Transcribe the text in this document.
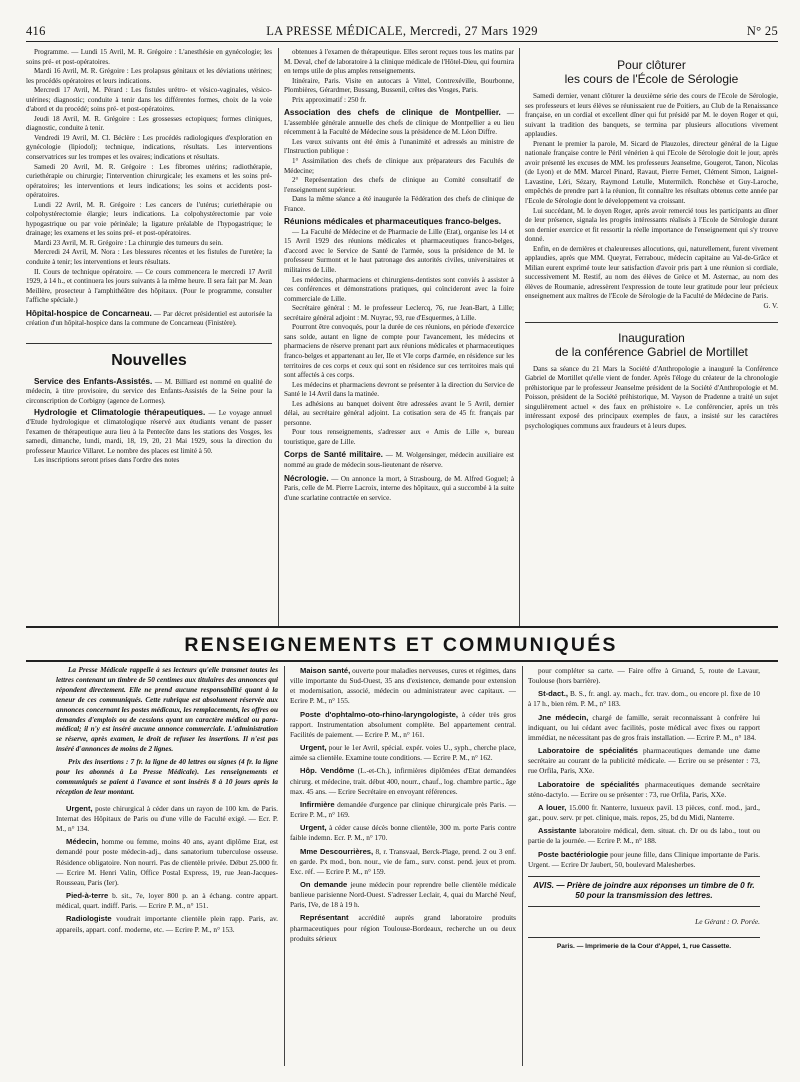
416	LA PRESSE MÉDICALE, Mercredi, 27 Mars 1929	N° 25

Programme. — Lundi 15 Avril, M. R. Grégoire : L'anesthésie en gynécologie; les soins pré- et post-opératoires.

Mardi 16 Avril, M. R. Grégoire : Les prolapsus génitaux et les déviations utérines; les procédés opératoires et leurs indications.

Mercredi 17 Avril, M. Pérard : Les fistules urétro- et vésico-vaginales, vésico-utérines; diagnostic; conduite à tenir dans les différentes formes, choix de la voie d'abord et du procédé; soins pré- et post-opératoires.

Jeudi 18 Avril, M. R. Grégoire : Les grossesses ectopiques; formes cliniques, diagnostic, conduite à tenir.

Vendredi 19 Avril, M. Cl. Béclère : Les procédés radiologiques d'exploration en gynécologie (lipiodol); technique, indications, résultats. Les interventions conservatrices sur les trompes et les ovaires; indications et résultats.

Samedi 20 Avril, M. R. Grégoire : Les fibromes utérins; radiothérapie, curiethérapie ou chirurgie; l'intervention chirurgicale; les examens et les soins pré-opératoires; les interventions et leurs indications; les soins et accidents post-opératoires.

Lundi 22 Avril, M. R. Grégoire : Les cancers de l'utérus; curiethérapie ou colpohystérectomie élargie; leurs indications. La colpohystérectomie par voie hypogastrique ou par voie périnéale; la ligature préalable de l'hypogastrique; le drainage; les examens et les soins pré- et post-opératoires.

Mardi 23 Avril, M. R. Grégoire : La chirurgie des tumeurs du sein.

Mercredi 24 Avril, M. Nora : Les blessures récentes et les fistules de l'uretère; la conduite à tenir; les interventions et leurs résultats.

II. Cours de technique opératoire. — Ce cours commencera le mercredi 17 Avril 1929, à 14 h., et continuera les jours suivants à la même heure. Il sera fait par M. Jean Meillère, prosecteur à l'amphithéâtre des hôpitaux. (Pour le programme, consulter l'affiche spéciale.)

Hôpital-hospice de Concarneau. — Par décret présidentiel est autorisée la création d'un hôpital-hospice dans la commune de Concarneau (Finistère).

Nouvelles

Service des Enfants-Assistés. — M. Billiard est nommé en qualité de médecin, à titre provisoire, du service des Enfants-Assistés de la Seine pour la circonscription de Corbigny (agence de Lormes).

Hydrologie et Climatologie thérapeutiques. — Le voyage annuel d'Etude hydrologique et climatologique réservé aux étudiants venant de passer l'examen de thérapeutique aura lieu à la Pentecôte dans les stations des Vosges, les samedi, dimanche, lundi, mardi, 18, 19, 20, 21 Mai 1929, sous la direction du professeur Maurice Villaret. Le nombre des places est limité à 50.

Les inscriptions seront prises dans l'ordre des notes

obtenues à l'examen de thérapeutique. Elles seront reçues tous les matins par M. Deval, chef de laboratoire à la clinique médicale de l'Hôtel-Dieu, qui fournira en temps utile de plus amples renseignements.

Itinéraire, Paris. Visite en autocars à Vittel, Contrexéville, Bourbonne, Plombières, Gérardmer, Bussang, Bussenil, crêtes des Vosges, Paris.

Prix approximatif : 250 fr.

Association des chefs de clinique de Montpellier. — L'assemblée générale annuelle des chefs de clinique de Montpellier a eu lieu récemment à la Faculté de Médecine sous la présidence de M. Léon Diffre.

Les vœux suivants ont été émis à l'unanimité et adressés au ministre de l'Instruction publique :

1° Assimilation des chefs de clinique aux préparateurs des Facultés de Médecine;

2° Représentation des chefs de clinique au Comité consultatif de l'enseignement supérieur.

Dans la même séance a été inaugurée la Fédération des chefs de clinique de France.

Réunions médicales et pharmaceutiques franco-belges.

— La Faculté de Médecine et de Pharmacie de Lille (Etat), organise les 14 et 15 Avril 1929 des réunions médicales et pharmaceutiques franco-belges, d'accord avec le Service de Santé de l'armée, sous la présidence de M. le professeur Surmont et le haut patronage des autorités civiles, universitaires et militaires de Lille.

Les médecins, pharmaciens et chirurgiens-dentistes sont conviés à assister à ces conférences et démonstrations pratiques, qui coïncideront avec la foire commerciale de Lille.

Secrétaire général : M. le professeur Leclercq, 76, rue Jean-Bart, à Lille; secrétaire général adjoint : M. Nuyrac, 93, rue d'Esquermes, à Lille.

Pourront être convoqués, pour la durée de ces réunions, en période d'exercice sans solde, autant en ligne de compte pour l'avancement, les médecins et pharmaciens de réserve prenant part aux réunions médicales et pharmaceutiques franco-belges et appartenant au Ier, IIe et VIe corps d'armée, en résidence sur les territoires de ces corps et ceux qui sont en résidence sur ces territoires mais qui sont affectés à ces corps.

Les médecins et pharmaciens devront se présenter à la direction du Service de Santé le 14 Avril dans la matinée.

Les adhésions au banquet doivent être adressées avant le 5 Avril, dernier délai, au secrétaire général adjoint. La cotisation sera de 45 fr. français par personne.

Pour tous renseignements, s'adresser aux « Amis de Lille », bureau touristique, gare de Lille.

Corps de Santé militaire. — M. Wolgensinger, médecin auxiliaire est nommé au grade de médecin sous-lieutenant de réserve.

Nécrologie. — On annonce la mort, à Strasbourg, de M. Alfred Goguel; à Paris, celle de M. Pierre Lacroix, interne des hôpitaux, qui a succombé à la suite d'une scarlatine contractée en service.

Pour clôturer
les cours de l'École de Sérologie

Samedi dernier, venant clôturer la deuxième série des cours de l'Ecole de Sérologie, ses professeurs et leurs élèves se réunissaient rue de Poitiers, au Club de la Renaissance française, en un cordial et excellent dîner qui fut présidé par M. le doyen Roger et qui, suivant la tradition des banquets, se termina par plusieurs allocutions vivement applaudies.

Prenant le premier la parole, M. Sicard de Plauzoles, directeur général de la Ligue nationale française contre le Péril vénérien à qui l'Ecole de Sérologie doit le jour, après avoir présenté les excuses de MM. les professeurs Jeanselme, Gougerot, Tanon, Nicolas (de Lyon) et de MM. Marcel Pinard, Ravaut, Pierre Fernet, Clément Simon, Laignel-Lavastine, Léri, Sézary, Raymond Letulle, Mutermilch. Ronchèse et Guy-Laroche, empêchés de prendre part à la réunion, fit connaître les résultats obtenus cette année par l'Ecole de Sérologie dont le développement va croissant.

Lui succédant, M. le doyen Roger, après avoir remercié tous les participants au dîner de leur présence, signala les progrès intéressants réalisés à l'Ecole de Sérologie durant son dernier exercice et fit ressortir la réelle importance de l'enseignement qui s'y trouve donné.

Enfin, en de dernières et chaleureuses allocutions, qui, naturellement, furent vivement applaudies, après que MM. Queyrat, Ferrabouc, médecin capitaine au Val-de-Grâce et Milian eurent exprimé toute leur satisfaction d'avoir pris part à une réunion si cordiale, successivement M. Restif, au nom des élèves de Grèce et M. Asternac, au nom des élèves de Roumanie, adressèrent l'expression de toute leur gratitude pour leur précieux enseignement aux maîtres de l'Ecole de Sérologie de la Faculté de Médecine de Paris.

G. V.

Inauguration
de la conférence Gabriel de Mortillet

Dans sa séance du 21 Mars la Société d'Anthropologie a inauguré la Conférence Gabriel de Mortillet qu'elle vient de fonder. Après l'éloge du créateur de la chronologie préhistorique par le professeur Jeanselme président de la Société d'Anthropologie et M. Poisson, président de la Société préhistorique, M. Vayson de Pradenne a traité un sujet singulièrement actuel « des faux en préhistoire ». Le conférencier, après un très intéressant exposé des principaux exemples de faux, a insisté sur les caractères psychologiques communs aux fraudeurs et à leurs dupes.

RENSEIGNEMENTS ET COMMUNIQUÉS

La Presse Médicale rappelle à ses lecteurs qu'elle transmet toutes les lettres contenant un timbre de 50 centimes aux titulaires des annonces qui répondent directement. Elle ne prend aucune responsabilité quant à la teneur de ces communiqués. Cette rubrique est absolument réservée aux annonces concernant les postes médicaux, les remplacements, les offres ou demandes d'emplois ou de cessions ayant un caractère médical ou para-médical; il n'y est inséré aucune annonce commerciale. L'administration se réserve, après examen, le droit de refuser les insertions. Il n'est pas inséré d'annonces de moins de 2 lignes.

Prix des insertions : 7 fr. la ligne de 40 lettres ou signes (4 fr. la ligne pour les abonnés à La Presse Médicale). Les renseignements et communiqués se paient à l'avance et sont insérés 8 à 10 jours après la réception de leur montant.

Urgent, poste chirurgical à céder dans un rayon de 100 km. de Paris. Internat des Hôpitaux de Paris ou d'une ville de Faculté exigé. — Ecr. P. M., n° 134.

Médecin, homme ou femme, moins 40 ans, ayant diplôme Etat, est demandé pour poste médecin-adj., dans sanatorium tuberculose osseuse. Résidence obligatoire. Non nourri. Pas de clientèle privée. Début 25.000 fr. — Ecrire M. Henri Valin, Office Postal Express, 19, rue Jean-Jacques-Rousseau, Paris (Ier).

Pied-à-terre b. sit., 7e, loyer 800 p. an à échang. contre appart. médical, quart. indiff. Paris. — Ecrire P. M., n° 151.

Radiologiste voudrait importante clientèle plein rapp. Paris, av. appareils, appart. conf. moderne, etc. — Ecrire P. M., n° 153.

Maison santé, ouverte pour maladies nerveuses, cures et régimes, dans ville importante du Sud-Ouest, 35 ans d'existence, demande pour extension et modernisation, associé, médecin ou administrateur avec capitaux. — Ecrire P. M., n° 155.

Poste d'ophtalmo-oto-rhino-laryngologiste, à céder très gros rapport. Instrumentation absolument complète. Bel appartement central. Facilités de paiement. — Ecrire P. M., n° 161.

Urgent, pour le 1er Avril, spécial. expér. voies U., syph., cherche place, aimée sa clientèle. Examine toute conditions. — Ecrire P. M., n° 162.

Hôp. Vendôme (L.-et-Ch.), infirmières diplômées d'Etat demandées chirurg. et médecine, trait. début 400, nourr., chauf., log. chambre partic., âge max. 45 ans. — Ecrire Secrétaire en envoyant références.

Infirmière demandée d'urgence par clinique chirurgicale près Paris. — Ecrire P. M., n° 169.

Urgent, à céder cause décès bonne clientèle, 300 m. porte Paris contre faible indemn. Ecr. P. M., n° 170.

Mme Descourrières, 8, r. Transvaal, Berck-Plage, prend. 2 ou 3 enf. en garde. Px mod., bon. nour., vie de fam., surv. const. pend. jeux et prom. Exc. réf. — Ecrire P. M., n° 159.

On demande jeune médecin pour reprendre belle clientèle médicale banlieue parisienne Nord-Ouest. S'adresser Leclair, 4, quai du Marché Neuf, Paris, IVe, de 18 à 19 h.

Représentant accrédité auprès grand laboratoire produits pharmaceutiques pour région Toulouse-Bordeaux, recherche un ou deux produits sérieux

pour compléter sa carte. — Faire offre à Gruand, 5, route de Lavaur, Toulouse (hors barrière).

St-dact., B. S., fr. angl. ay. mach., fcr. trav. dom., ou encore pl. fixe de 10 à 17 h., bien rém. P. M., n° 183.

Jne médecin, chargé de famille, serait reconnaissant à confrère lui indiquant, ou lui cédant avec facilités, poste médical avec fixes ou rapport immédiat, ne nécessitant pas de gros frais installation. — Ecrire P. M., n° 184.

Laboratoire de spécialités pharmaceutiques demande une dame secrétaire au courant de la publicité médicale. — Ecrire ou se présenter : 73, rue Orfila, Paris, XXe.

Laboratoire de spécialités pharmaceutiques demande secrétaire sténo-dactylo. — Ecrire ou se présenter : 73, rue Orfila, Paris, XXe.

A louer, 15.000 fr. Nanterre, luxueux pavil. 13 pièces, conf. mod., jard., gar., pouv. serv. pr pet. clinique, mais. repos, 25, bd du Midi, Nanterre.

Assistante laboratoire médical, dem. situat. ch. Dr ou ds labo., tout ou partie de la journée. — Ecrire P. M., n° 188.

Poste bactériologie pour jeune fille, dans Clinique importante de Paris. Urgent. — Ecrire Dr Jaubert, 50, boulevard Malesherbes.

AVIS. — Prière de joindre aux réponses un timbre de 0 fr. 50 pour la transmission des lettres.
Le Gérant : O. Porée.
Paris. — Imprimerie de la Cour d'Appel, 1, rue Cassette.
